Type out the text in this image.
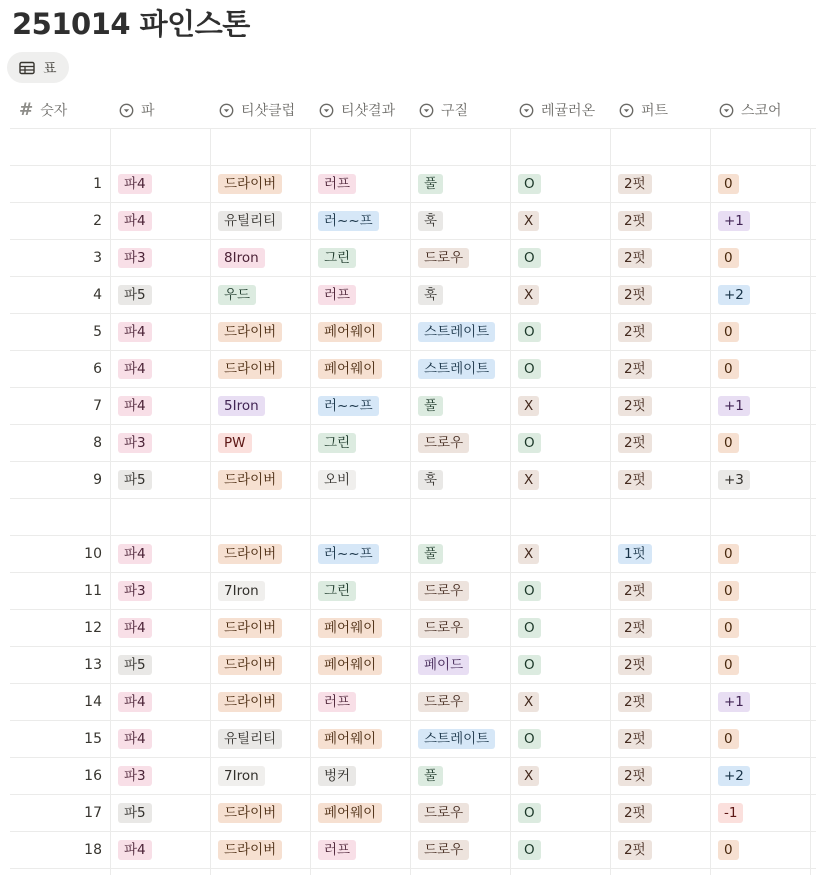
251014 파인스톤
표
# 숫자	파	티샷클럽	티샷결과	구질	레귤러온	퍼트	스코어
1	파4	드라이버	러프	풀	O	2펏	0
2	파4	유틸리티	러~~프	훅	X	2펏	+1
3	파3	8Iron	그린	드로우	O	2펏	0
4	파5	우드	러프	훅	X	2펏	+2
5	파4	드라이버	페어웨이	스트레이트	O	2펏	0
6	파4	드라이버	페어웨이	스트레이트	O	2펏	0
7	파4	5Iron	러~~프	풀	X	2펏	+1
8	파3	PW	그린	드로우	O	2펏	0
9	파5	드라이버	오비	훅	X	2펏	+3
10	파4	드라이버	러~~프	풀	X	1펏	0
11	파3	7Iron	그린	드로우	O	2펏	0
12	파4	드라이버	페어웨이	드로우	O	2펏	0
13	파5	드라이버	페어웨이	페이드	O	2펏	0
14	파4	드라이버	러프	드로우	X	2펏	+1
15	파4	유틸리티	페어웨이	스트레이트	O	2펏	0
16	파3	7Iron	벙커	풀	X	2펏	+2
17	파5	드라이버	페어웨이	드로우	O	2펏	-1
18	파4	드라이버	러프	드로우	O	2펏	0
